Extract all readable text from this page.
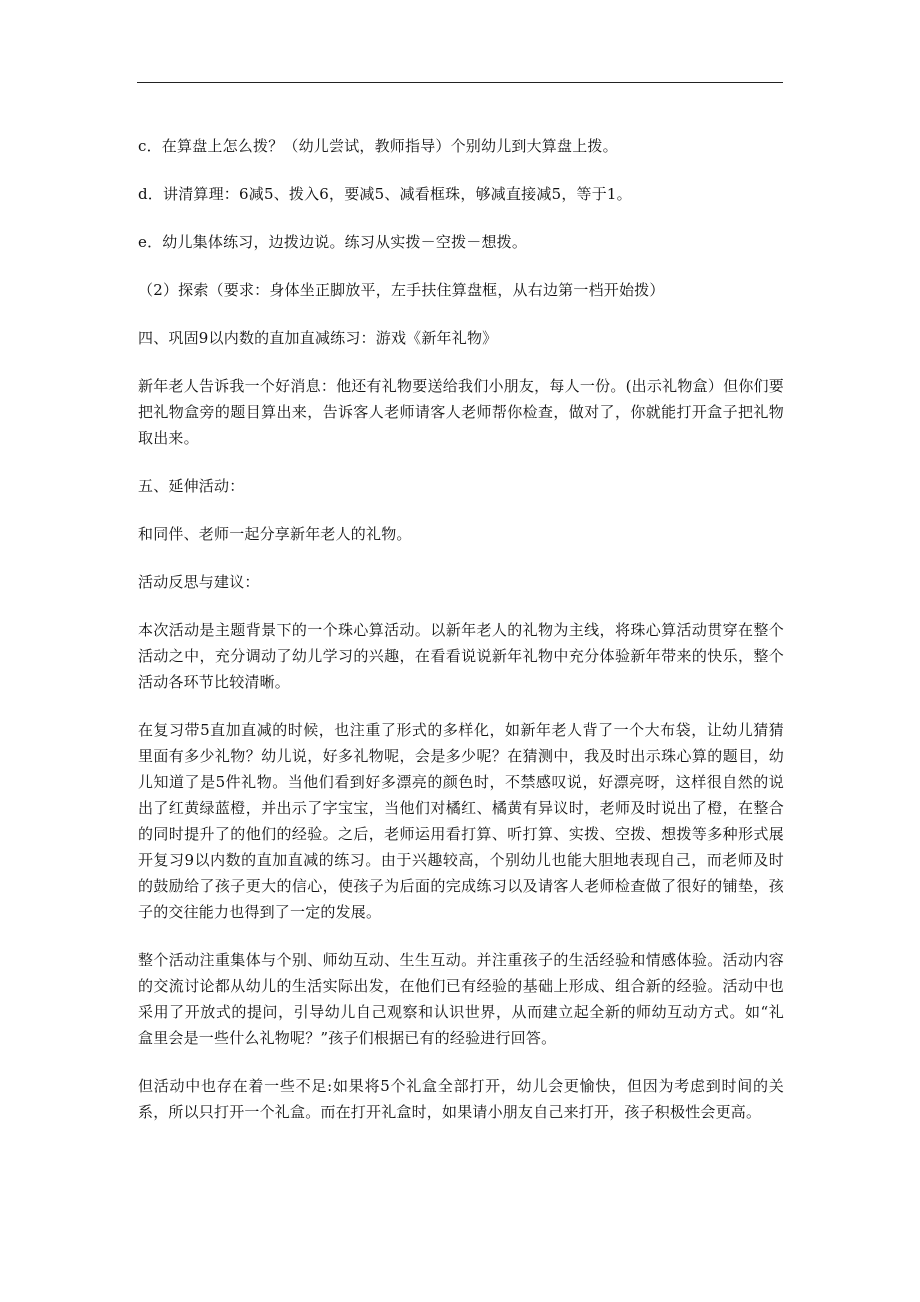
c．在算盘上怎么拨？（幼儿尝试，教师指导）个别幼儿到大算盘上拨。

d．讲清算理：6减5、拨入6，要减5、减看框珠，够减直接减5，等于1。

e．幼儿集体练习，边拨边说。练习从实拨－空拨－想拨。

（2）探索（要求：身体坐正脚放平，左手扶住算盘框，从右边第一档开始拨）

四、巩固9以内数的直加直减练习：游戏《新年礼物》

新年老人告诉我一个好消息：他还有礼物要送给我们小朋友，每人一份。(出示礼物盒）但你们要把礼物盒旁的题目算出来，告诉客人老师请客人老师帮你检查，做对了，你就能打开盒子把礼物取出来。

五、延伸活动：

和同伴、老师一起分享新年老人的礼物。

活动反思与建议：

本次活动是主题背景下的一个珠心算活动。以新年老人的礼物为主线，将珠心算活动贯穿在整个活动之中，充分调动了幼儿学习的兴趣，在看看说说新年礼物中充分体验新年带来的快乐，整个活动各环节比较清晰。

在复习带5直加直减的时候，也注重了形式的多样化，如新年老人背了一个大布袋，让幼儿猜猜里面有多少礼物？幼儿说，好多礼物呢，会是多少呢？在猜测中，我及时出示珠心算的题目，幼儿知道了是5件礼物。当他们看到好多漂亮的颜色时，不禁感叹说，好漂亮呀，这样很自然的说出了红黄绿蓝橙，并出示了字宝宝，当他们对橘红、橘黄有异议时，老师及时说出了橙，在整合的同时提升了的他们的经验。之后，老师运用看打算、听打算、实拨、空拨、想拨等多种形式展开复习9以内数的直加直减的练习。由于兴趣较高，个别幼儿也能大胆地表现自己，而老师及时的鼓励给了孩子更大的信心，使孩子为后面的完成练习以及请客人老师检查做了很好的铺垫，孩子的交往能力也得到了一定的发展。

整个活动注重集体与个别、师幼互动、生生互动。并注重孩子的生活经验和情感体验。活动内容的交流讨论都从幼儿的生活实际出发，在他们已有经验的基础上形成、组合新的经验。活动中也采用了开放式的提问，引导幼儿自己观察和认识世界，从而建立起全新的师幼互动方式。如“礼盒里会是一些什么礼物呢？”孩子们根据已有的经验进行回答。

但活动中也存在着一些不足:如果将5个礼盒全部打开，幼儿会更愉快，但因为考虑到时间的关系，所以只打开一个礼盒。而在打开礼盒时，如果请小朋友自己来打开，孩子积极性会更高。
